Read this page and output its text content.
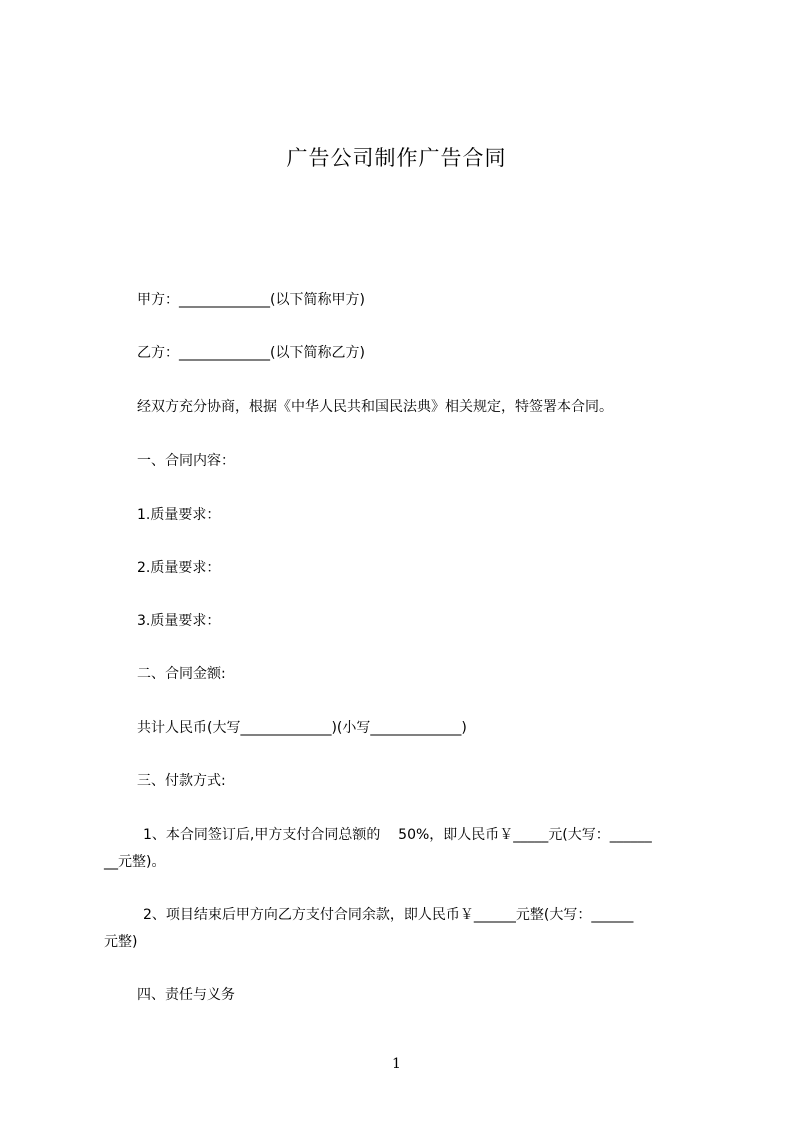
广告公司制作广告合同
甲方：_____________(以下简称甲方)
乙方：_____________(以下简称乙方)
经双方充分协商，根据《中华人民共和国民法典》相关规定，特签署本合同。
一、合同内容：
1.质量要求：
2.质量要求：
3.质量要求：
二、合同金额:
共计人民币(大写_____________)(小写_____________)
三、付款方式:
1、本合同签订后,甲方支付合同总额的    50%，即人民币￥_____元(大写：______
__元整)。
2、项目结束后甲方向乙方支付合同余款，即人民币￥______元整(大写：______
元整)
四、责任与义务
1
